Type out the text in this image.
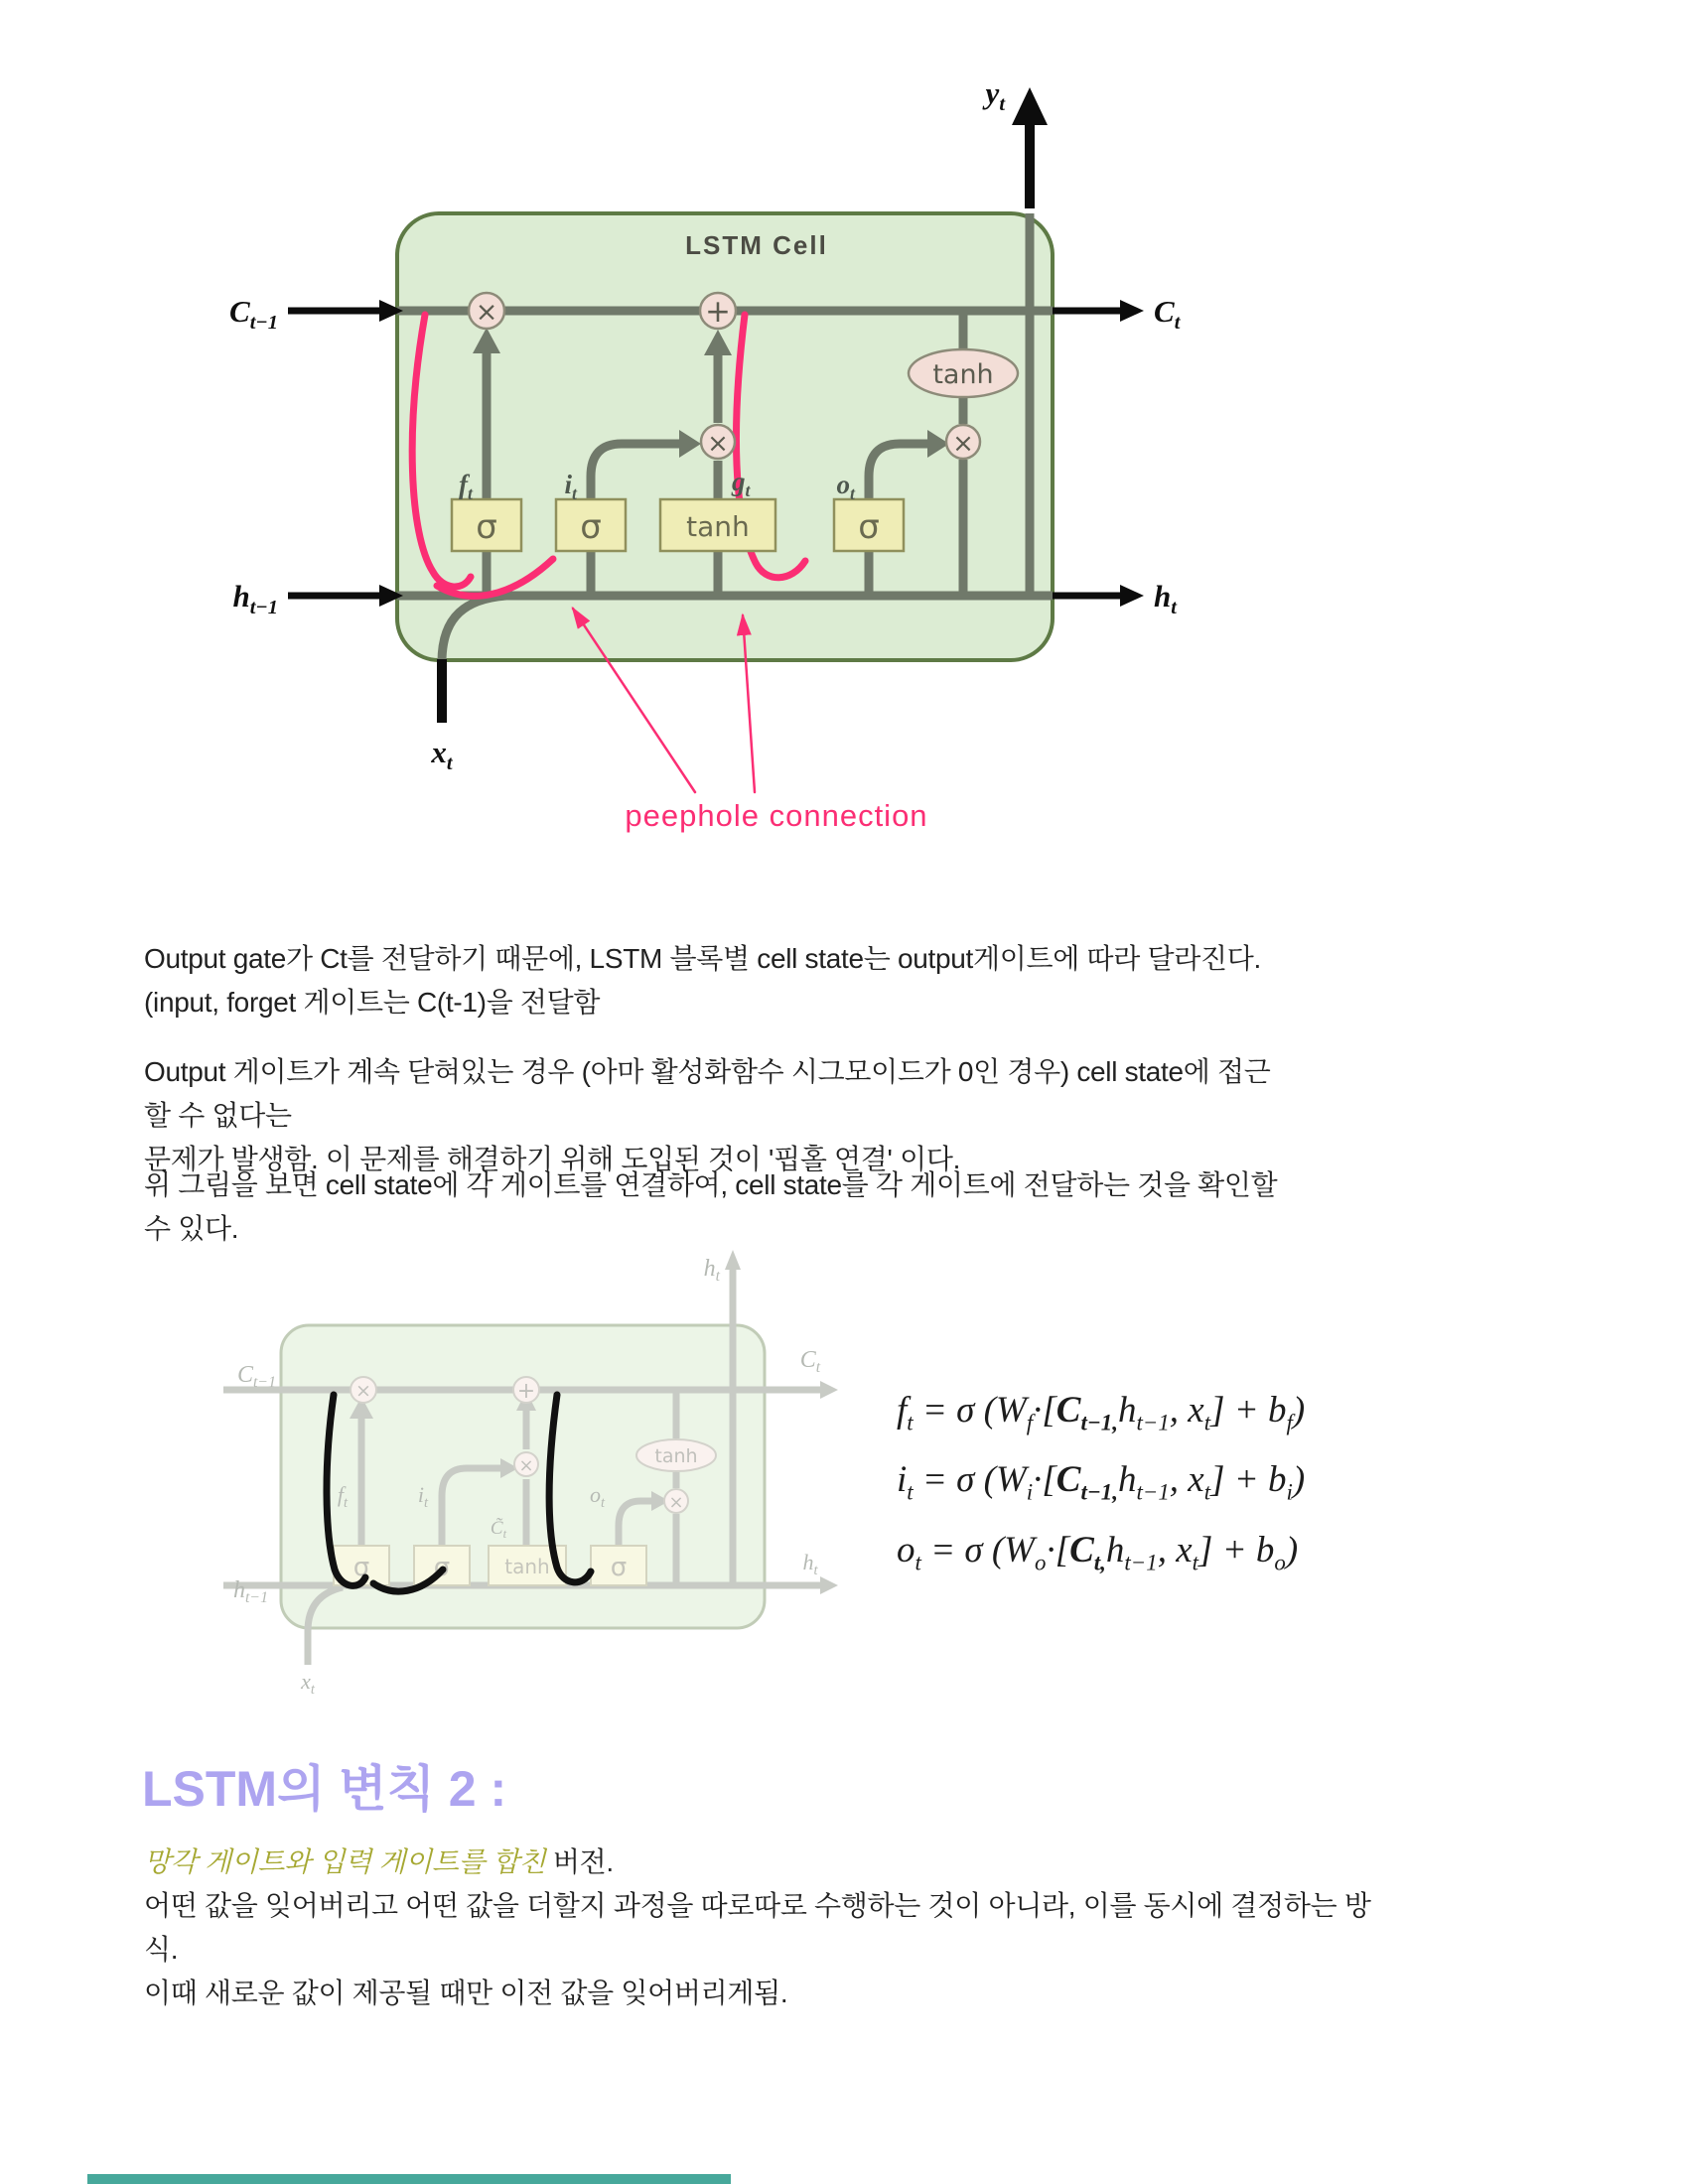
LSTM Cell
×	+
×
tanh
×
σ σ	tanh	σ
$C_{t-1}$	$C_t$
$h_{t-1}$	$h_t$
$y_t$
$x_t$
$f_t$	$i_t$	$g_t$	$o_t$
peephole connection
Output gate가 Ct를 전달하기 때문에, LSTM 블록별 cell state는 output게이트에 따라 달라진다.
(input, forget 게이트는 C(t-1)을 전달함
Output 게이트가 계속 닫혀있는 경우 (아마 활성화함수 시그모이드가 0인 경우) cell state에 접근할 수 없다는
문제가 발생함. 이 문제를 해결하기 위해 도입된 것이 '핍홀 연결' 이다.
위 그림을 보면 cell state에 각 게이트를 연결하여, cell state를 각 게이트에 전달하는 것을 확인할 수 있다.
×	+
×	tanh
×
σ σ	tanh σ
$C_{t-1}$
$h_{t-1}$
$h_t$
$C_t$
$h_t$
$x_t$
$f_t$	$i_t$	$o_t$
$C̃_t$
$f_t = \sigma$ ($W_f\cdot[C_{t-1,}h_{t-1}$, $x_t] + b_f$)
$i_t = \sigma$ ($W_i\cdot[C_{t-1,}h_{t-1}$, $x_t] + b_i$)
$o_t = \sigma$ ($W_o\cdot[C_{t,}h_{t-1}$, $x_t] + b_o$)
LSTM의 변칙 2 :
망각 게이트와 입력 게이트를 합친 버전.
어떤 값을 잊어버리고 어떤 값을 더할지 과정을 따로따로 수행하는 것이 아니라, 이를 동시에 결정하는 방식.
이때 새로운 값이 제공될 때만 이전 값을 잊어버리게됨.
